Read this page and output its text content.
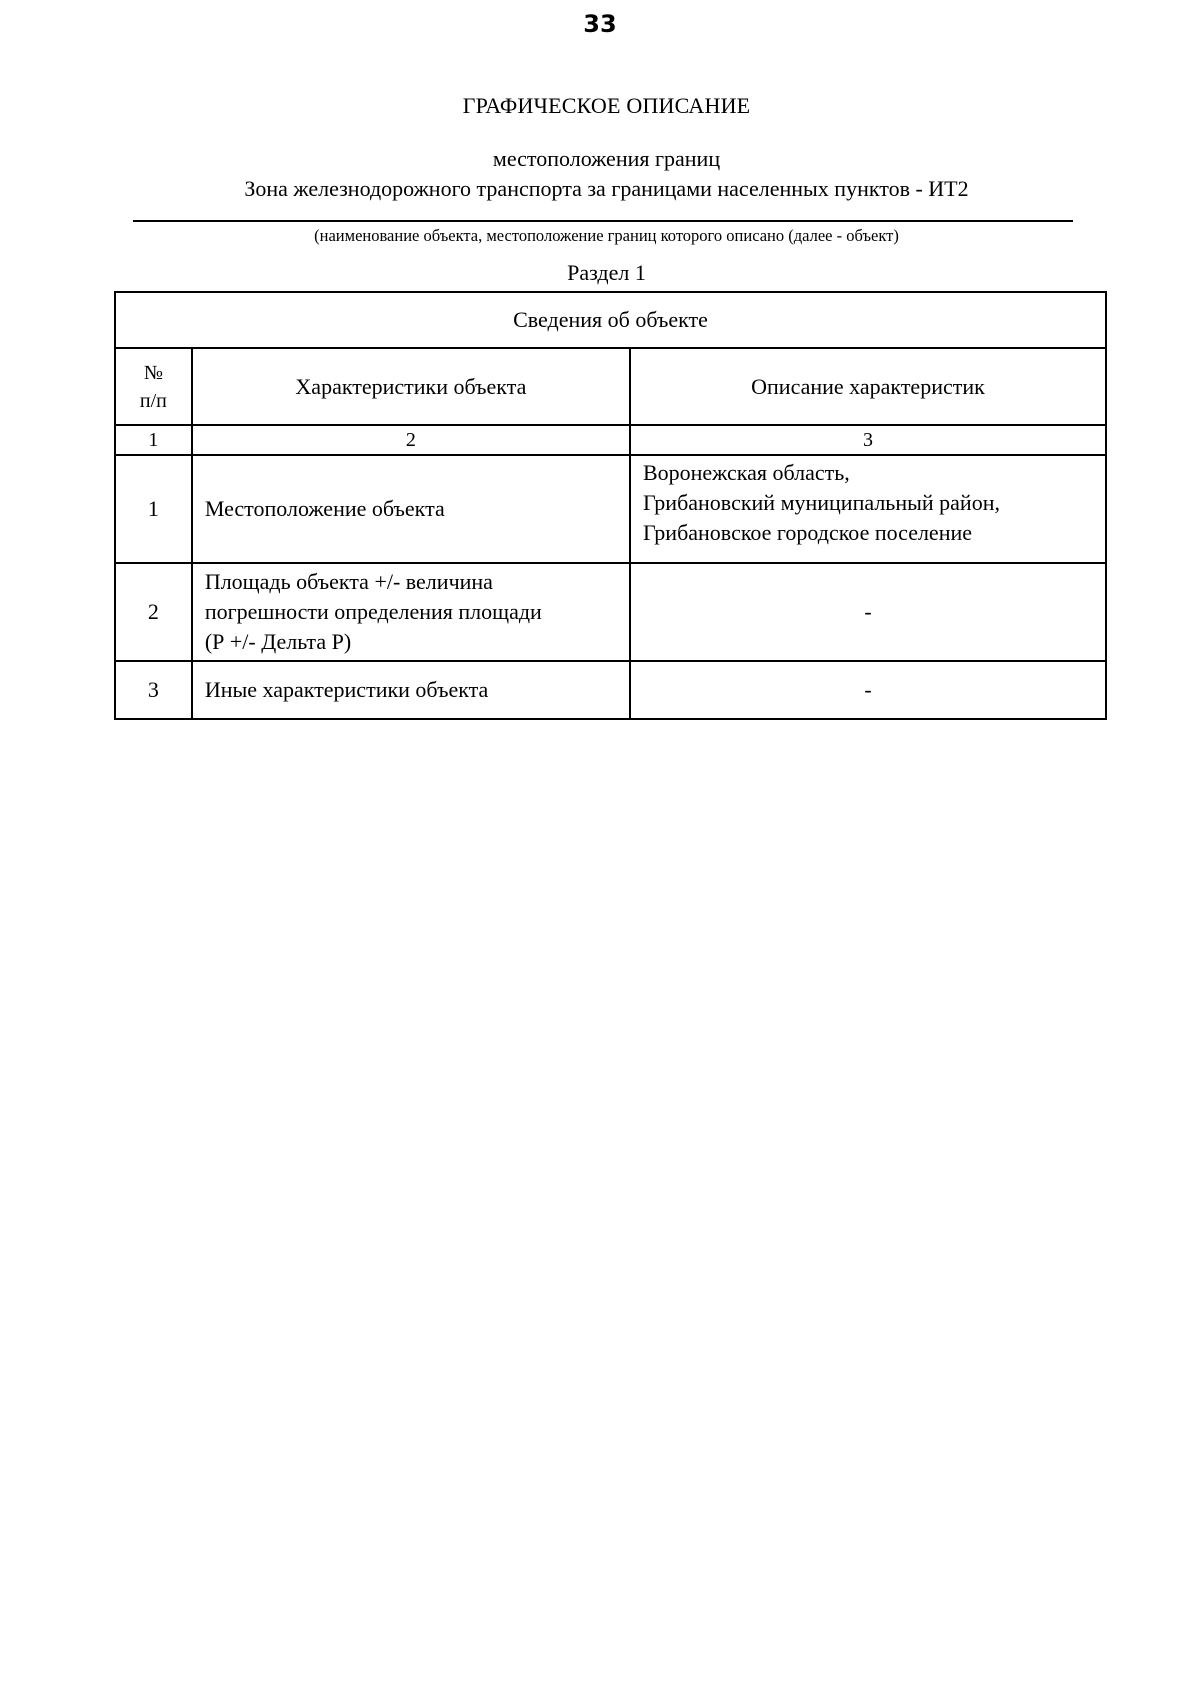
33
ГРАФИЧЕСКОЕ ОПИСАНИЕ
местоположения границ
Зона железнодорожного транспорта за границами населенных пунктов - ИТ2
(наименование объекта, местоположение границ которого описано (далее - объект)
Раздел 1
Сведения об объекте		

№
п/п	Характеристики объекта	Описание характеристик
1	2	3
1	Местоположение объекта	Воронежская область,
Грибановский муниципальный район,
Грибановское городское поселение

2	Площадь объекта +/- величина
погрешности определения площади
(Р +/- Дельта Р)	-
3	Иные характеристики объекта	-
